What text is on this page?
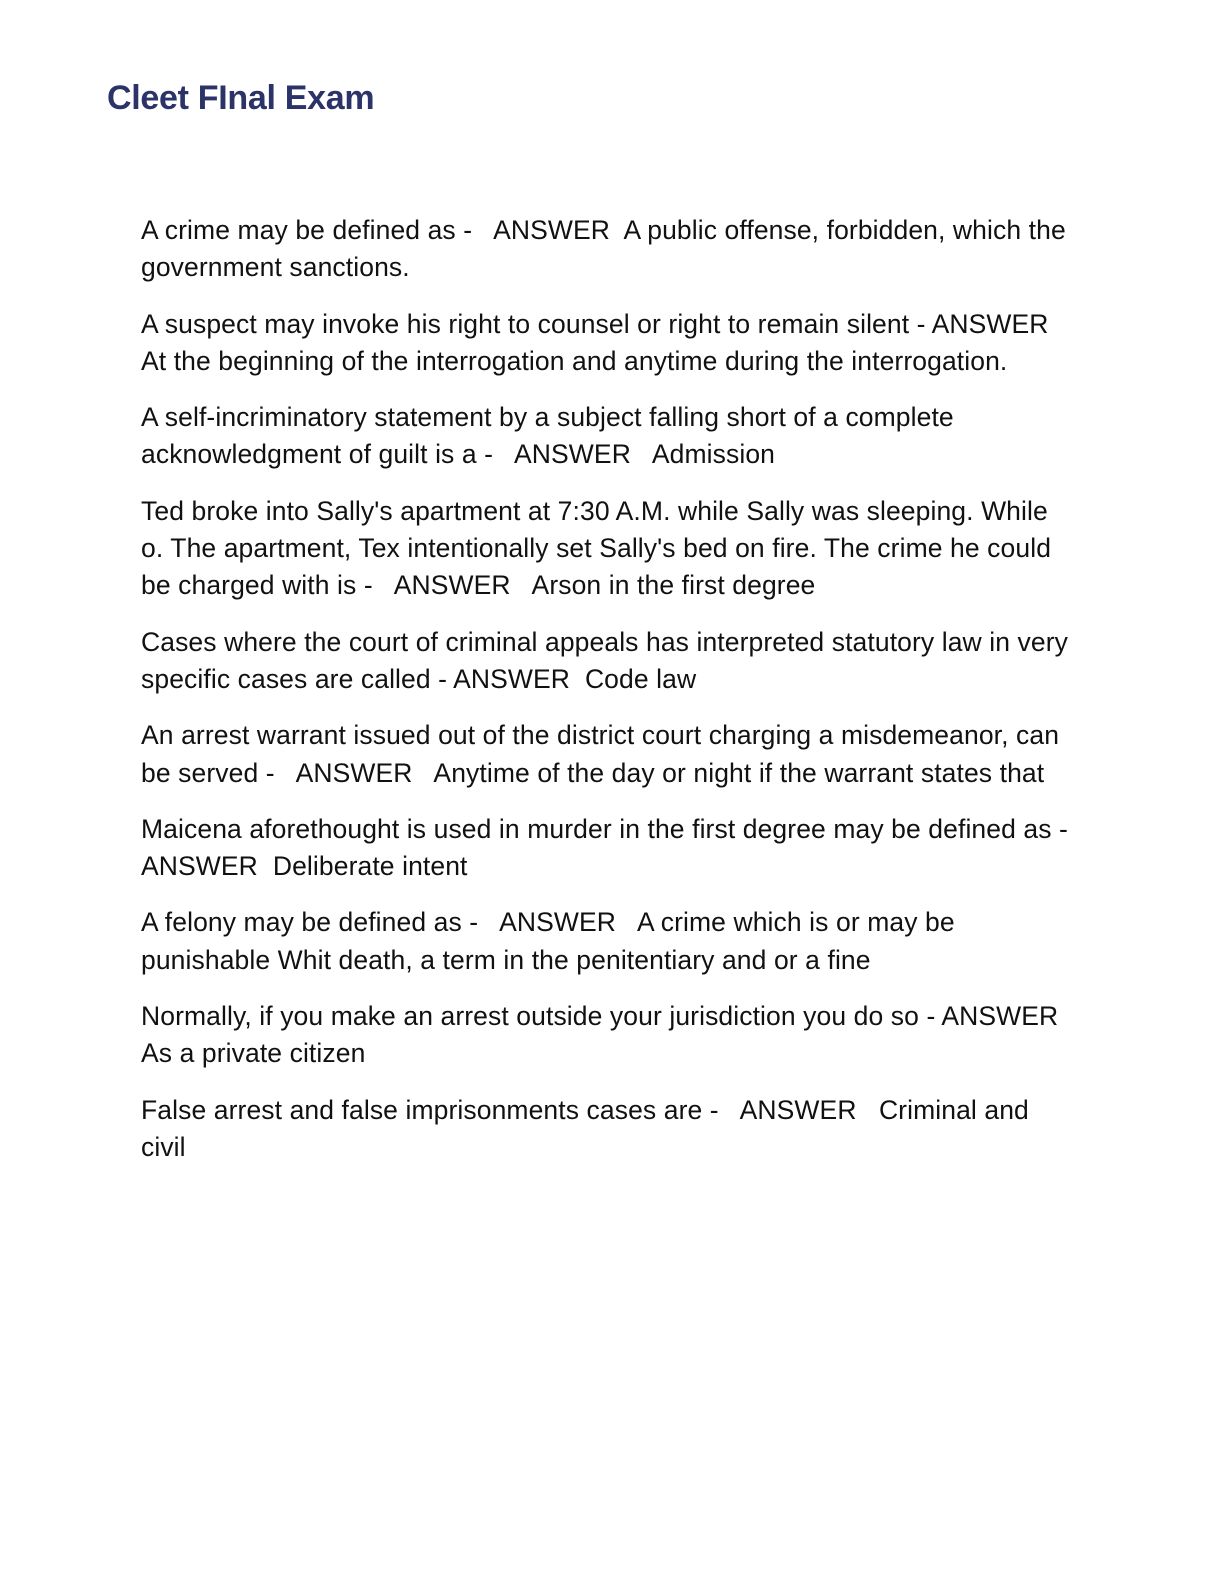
Cleet FInal Exam
A crime may be defined as -   ANSWER  A public offense, forbidden, which the government sanctions.
A suspect may invoke his right to counsel or right to remain silent - ANSWER  At the beginning of the interrogation and anytime during the interrogation.
A self-incriminatory statement by a subject falling short of a complete acknowledgment of guilt is a -   ANSWER   Admission
Ted broke into Sally's apartment at 7:30 A.M. while Sally was sleeping. While o. The apartment, Tex intentionally set Sally's bed on fire. The crime he could be charged with is -   ANSWER   Arson in the first degree
Cases where the court of criminal appeals has interpreted statutory law in very specific cases are called - ANSWER  Code law
An arrest warrant issued out of the district court charging a misdemeanor, can be served -   ANSWER   Anytime of the day or night if the warrant states that
Maicena aforethought is used in murder in the first degree may be defined as -  ANSWER  Deliberate intent
A felony may be defined as -   ANSWER   A crime which is or may be punishable Whit death, a term in the penitentiary and or a fine
Normally, if you make an arrest outside your jurisdiction you do so - ANSWER  As a private citizen
False arrest and false imprisonments cases are -   ANSWER   Criminal and civil
